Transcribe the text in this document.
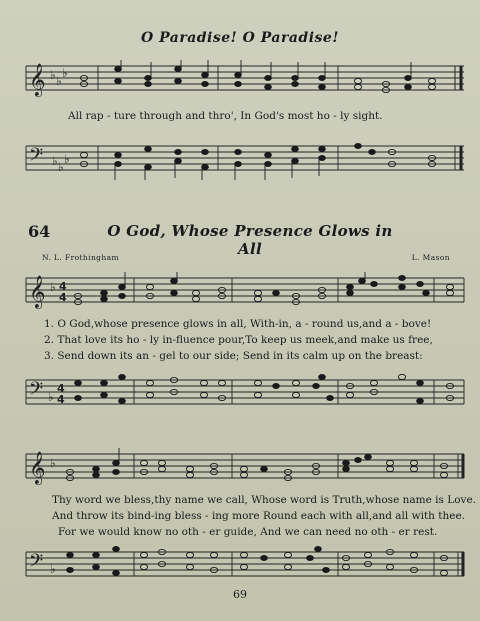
O Paradise! O Paradise!
𝄞 ♭ ♭
♭
All rap - ture through and thro', In God's most ho - ly sight.
𝄢 ♭ ♭
♭
64	O God, Whose Presence Glows in All
N. L. Frothingham	L. Mason
𝄞 ♭ 4
4
1. O God,whose presence glows in all, With-in, a - round us,and a - bove!
2. That love its ho - ly in-fluence pour,To keep us meek,and make us free,
3. Send down its an - gel to our side; Send in its calm up on the breast:
𝄢 ♭
4
4
𝄞 ♭
Thy word we bless,thy name we call, Whose word is Truth,whose name is Love.
And throw its bind-ing bless - ing more Round each with all,and all with thee.
For we would know no oth - er guide, And we can need no oth - er rest.
𝄢 ♭
69
